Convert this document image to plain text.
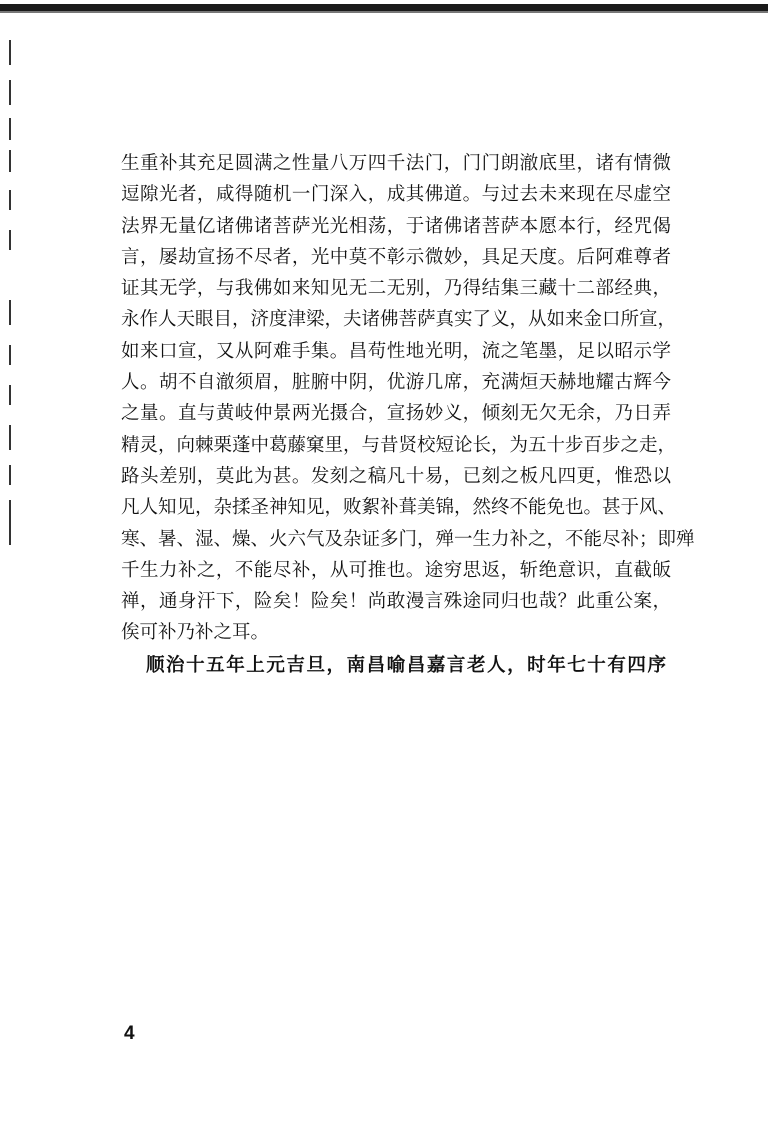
生重补其充足圆满之性量八万四千法门，门门朗澈底里，诸有情微
逗隙光者，咸得随机一门深入，成其佛道。与过去未来现在尽虚空
法界无量亿诸佛诸菩萨光光相荡，于诸佛诸菩萨本愿本行，经咒偈
言，屡劫宣扬不尽者，光中莫不彰示微妙，具足天度。后阿难尊者
证其无学，与我佛如来知见无二无别，乃得结集三藏十二部经典，
永作人天眼目，济度津梁，夫诸佛菩萨真实了义，从如来金口所宣，
如来口宣，又从阿难手集。昌苟性地光明，流之笔墨，足以昭示学
人。胡不自澈须眉，脏腑中阴，优游几席，充满烜天赫地耀古辉今
之量。直与黄岐仲景两光摄合，宣扬妙义，倾刻无欠无余，乃日弄
精灵，向棘栗蓬中葛藤窠里，与昔贤校短论长，为五十步百步之走，
路头差别，莫此为甚。发刻之稿凡十易，已刻之板凡四更，惟恐以
凡人知见，杂揉圣神知见，败絮补葺美锦，然终不能免也。甚于风、
寒、暑、湿、燥、火六气及杂证多门，殚一生力补之，不能尽补；即殚
千生力补之，不能尽补，从可推也。途穷思返，斩绝意识，直截皈
禅，通身汗下，险矣！险矣！尚敢漫言殊途同归也哉？此重公案，
俟可补乃补之耳。
顺治十五年上元吉旦，南昌喻昌嘉言老人，时年七十有四序
4
